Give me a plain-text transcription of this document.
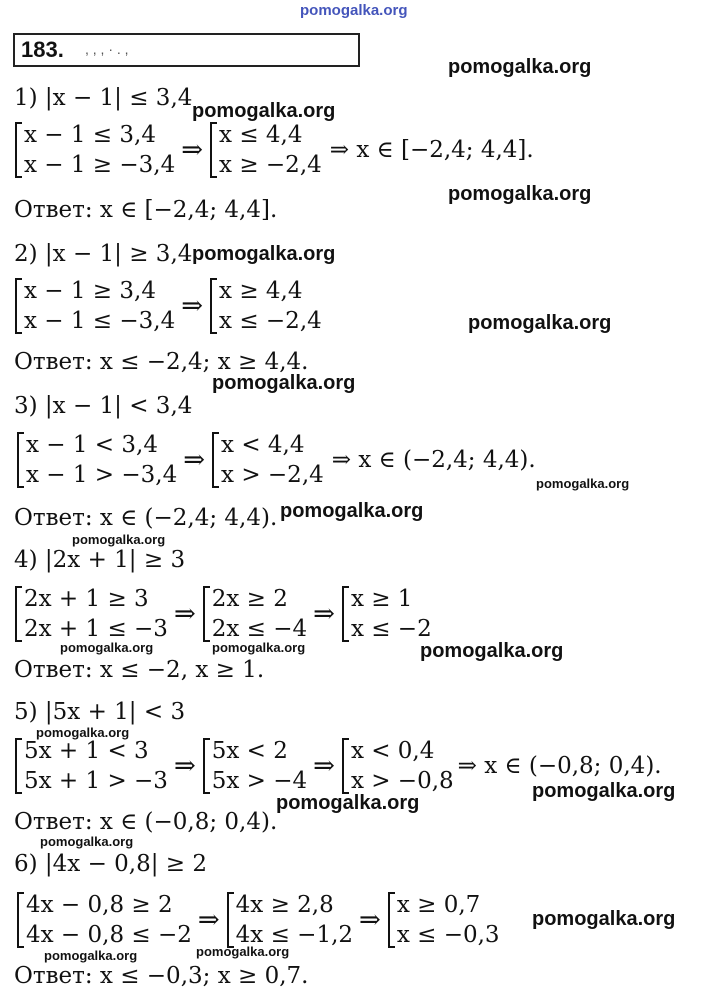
pomogalka.org
183. , , , · . ,
1) |x − 1| ≤ 3,4
x − 1 ≤ 3,4
x − 1 ≥ −3,4 ⇒ x ≤ 4,4
x ≥ −2,4
⇒ x ∈ [−2,4; 4,4].
Ответ: x ∈ [−2,4; 4,4].
2) |x − 1| ≥ 3,4
x − 1 ≥ 3,4
x − 1 ≤ −3,4 ⇒ x ≥ 4,4
x ≤ −2,4
Ответ: x ≤ −2,4; x ≥ 4,4.
3) |x − 1| < 3,4
x − 1 < 3,4
x − 1 > −3,4 ⇒ x < 4,4
x > −2,4
⇒ x ∈ (−2,4; 4,4).
Ответ: x ∈ (−2,4; 4,4).
4) |2x + 1| ≥ 3
2x + 1 ≥ 3
2x + 1 ≤ −3 ⇒ 2x ≥ 2
2x ≤ −4 ⇒ x ≥ 1
x ≤ −2
Ответ: x ≤ −2, x ≥ 1.
5) |5x + 1| < 3
5x + 1 < 3
5x + 1 > −3 ⇒ 5x < 2
5x > −4 ⇒ x < 0,4
x > −0,8
⇒ x ∈ (−0,8; 0,4).
Ответ: x ∈ (−0,8; 0,4).
6) |4x − 0,8| ≥ 2
4x − 0,8 ≥ 2
4x − 0,8 ≤ −2 ⇒ 4x ≥ 2,8
4x ≤ −1,2 ⇒ x ≥ 0,7
x ≤ −0,3
Ответ: x ≤ −0,3; x ≥ 0,7.
pomogalka.org
pomogalka.org
pomogalka.org
pomogalka.org
pomogalka.org
pomogalka.org
pomogalka.org
pomogalka.org
pomogalka.org
pomogalka.org	pomogalka.org	pomogalka.org
pomogalka.org
pomogalka.org
pomogalka.org
pomogalka.org
pomogalka.org
pomogalka.org
pomogalka.org
